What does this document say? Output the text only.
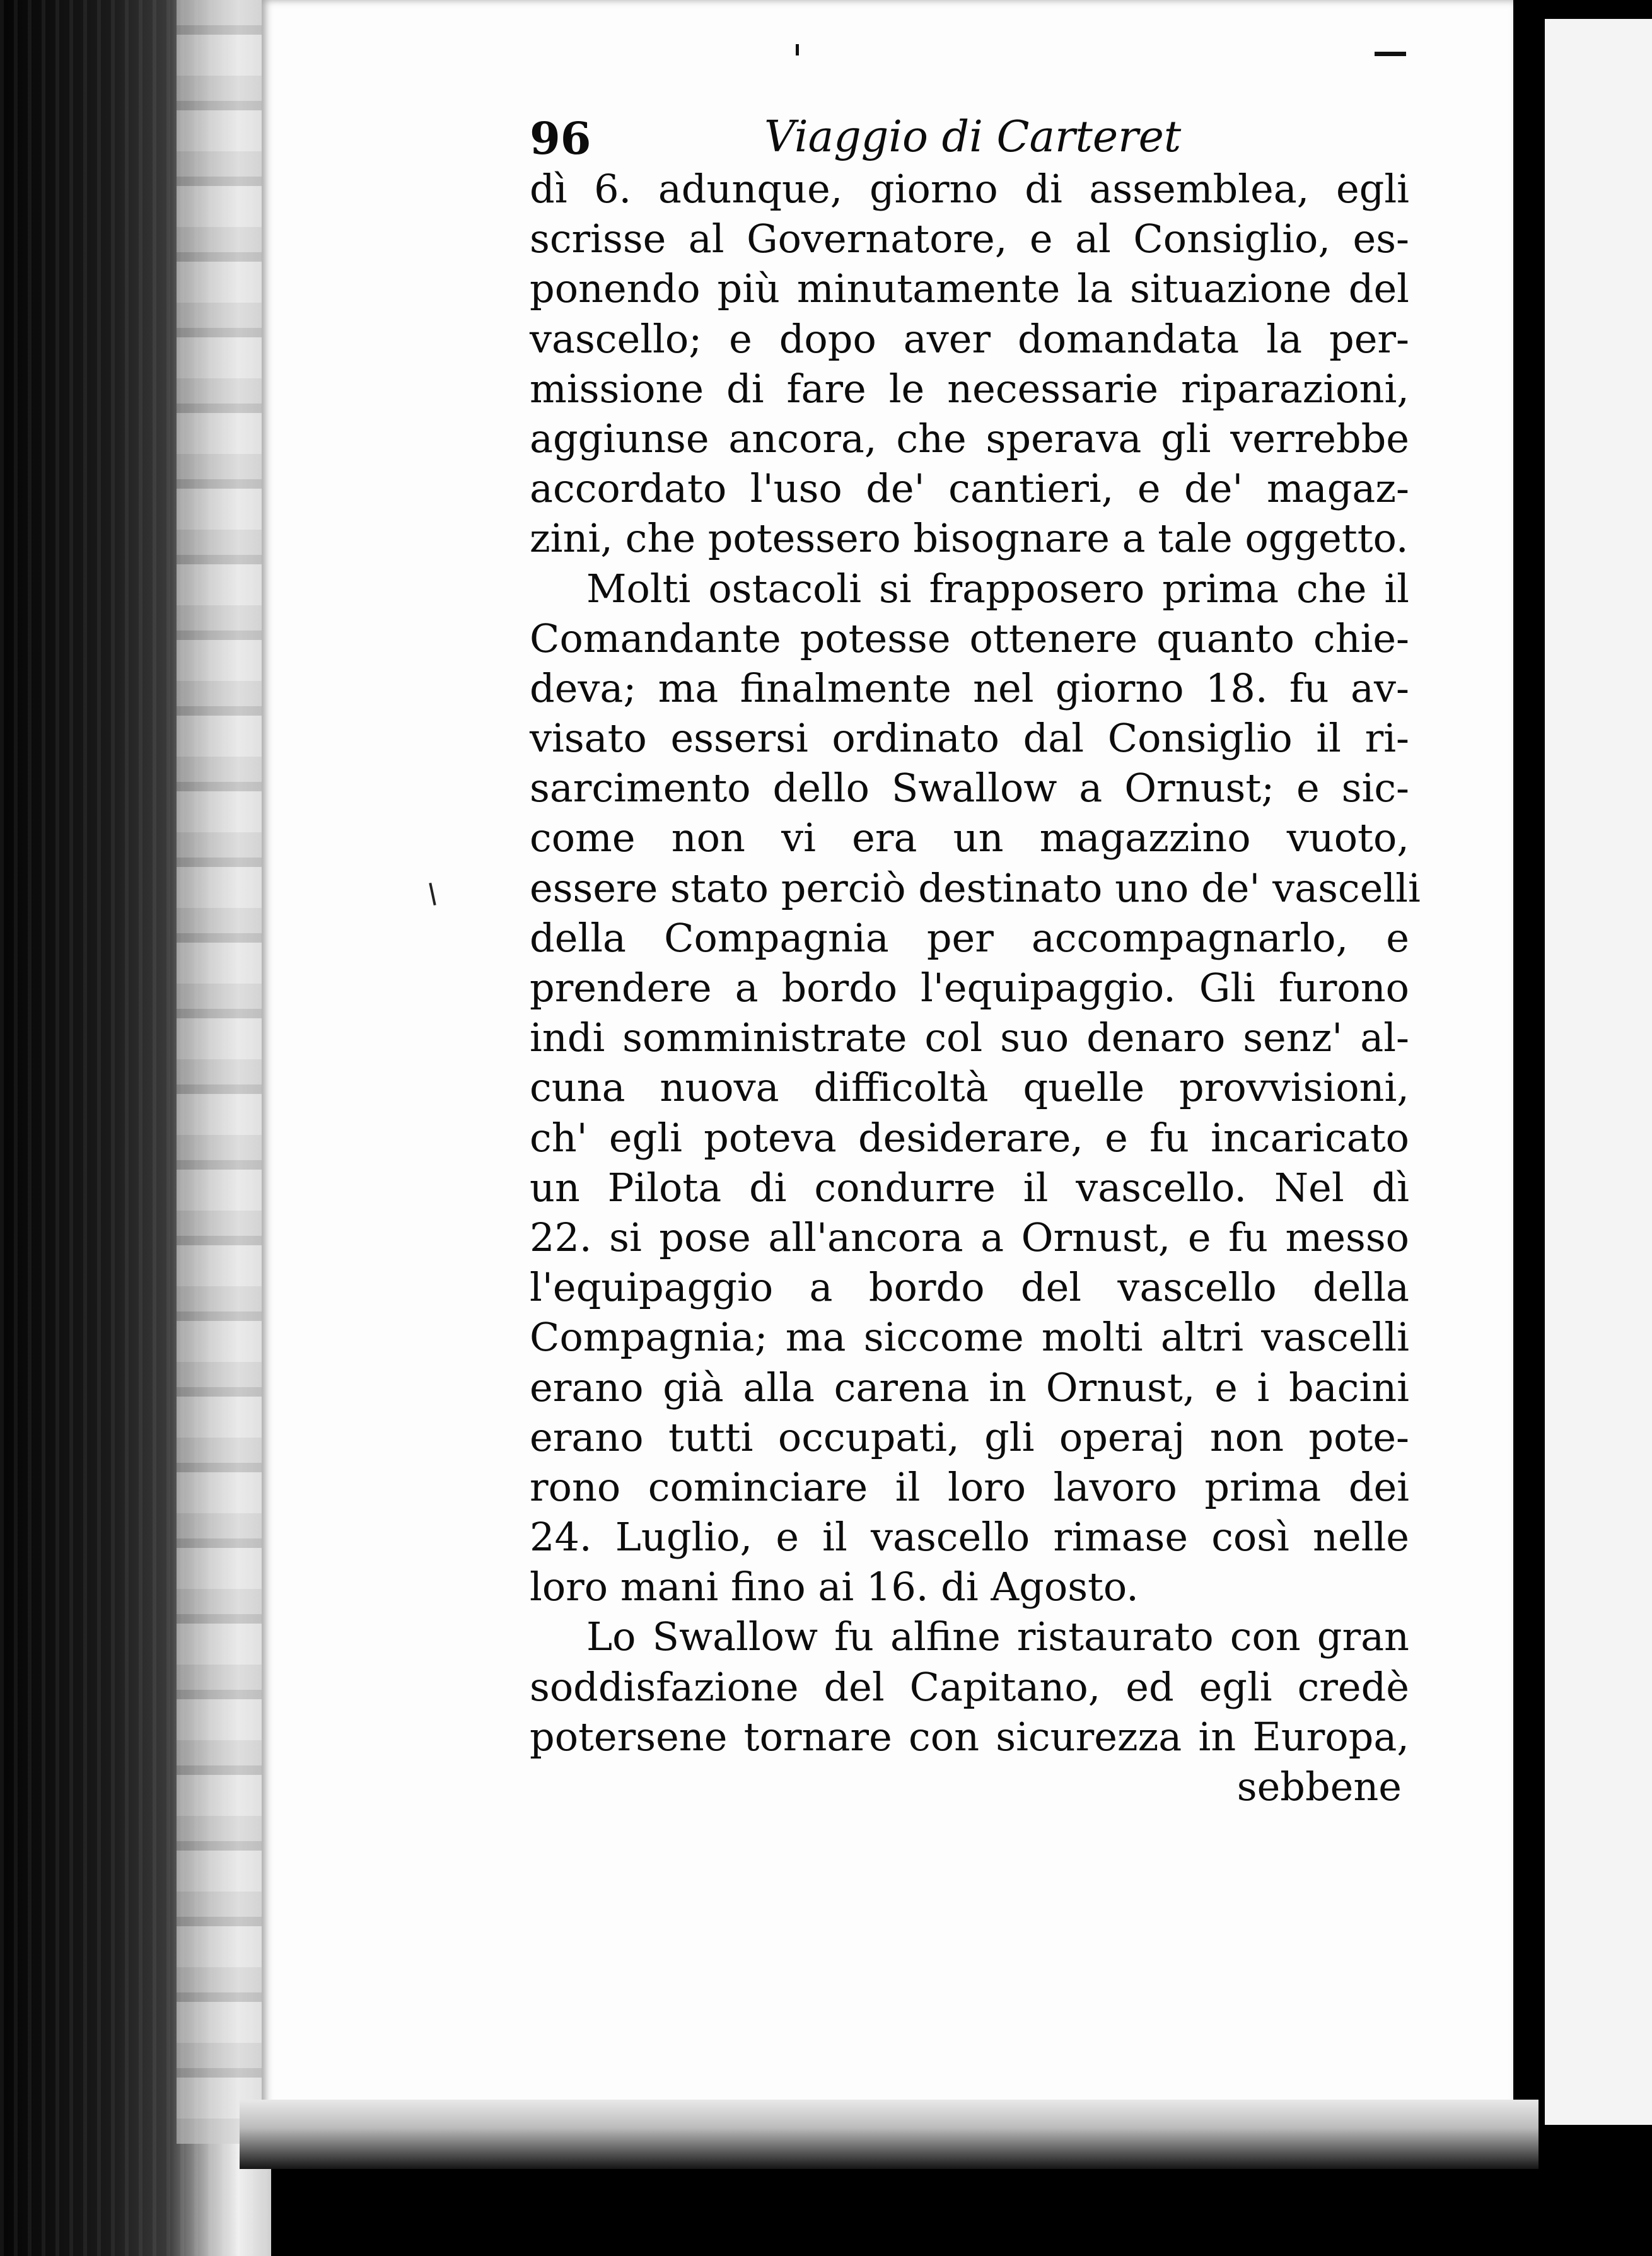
96	Viaggio di Carteret
dì 6. adunque, giorno di assemblea, egli
scrisse al Governatore, e al Consiglio, es-
ponendo più minutamente la situazione del
vascello; e dopo aver domandata la per-
missione di fare le necessarie riparazioni,
aggiunse ancora, che sperava gli verrebbe
accordato l'uso de' cantieri, e de' magaz-
zini, che potessero bisognare a tale oggetto.
Molti ostacoli si frapposero prima che il
Comandante potesse ottenere quanto chie-
deva; ma finalmente nel giorno 18. fu av-
visato essersi ordinato dal Consiglio il ri-
sarcimento dello Swallow a Ornust; e sic-
come non vi era un magazzino vuoto,
essere stato perciò destinato uno de' vascelli
della Compagnia per accompagnarlo, e
prendere a bordo l'equipaggio. Gli furono
indi somministrate col suo denaro senz' al-
cuna nuova difficoltà quelle provvisioni,
ch' egli poteva desiderare, e fu incaricato
un Pilota di condurre il vascello. Nel dì
22. si pose all'ancora a Ornust, e fu messo
l'equipaggio a bordo del vascello della
Compagnia; ma siccome molti altri vascelli
erano già alla carena in Ornust, e i bacini
erano tutti occupati, gli operaj non pote-
rono cominciare il loro lavoro prima dei
24. Luglio, e il vascello rimase così nelle
loro mani fino ai 16. di Agosto.
Lo Swallow fu alfine ristaurato con gran
soddisfazione del Capitano, ed egli credè
potersene tornare con sicurezza in Europa,
sebbene
